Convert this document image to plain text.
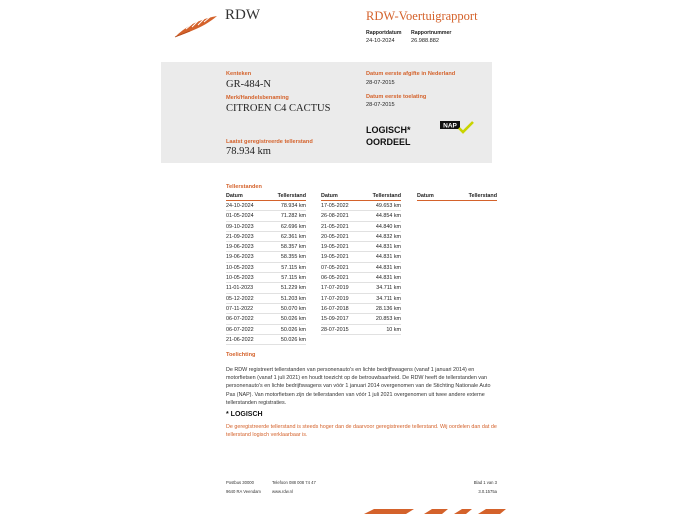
RDW	RDW-Voertuigrapport
Rapportdatum
24-10-2024
Rapportnummer
26.988.882
Kenteken
GR-484-N
Merk/Handelsbenaming
CITROEN C4 CACTUS
Laatst geregistreerde tellerstand
78.934 km
Datum eerste afgifte in Nederland
28-07-2015
Datum eerste toelating
28-07-2015
LOGISCH*
OORDEEL
NAP
Tellerstanden
Datum	Tellerstand
24-10-2024	78.934 km
01-05-2024	71.282 km
09-10-2023	62.696 km
21-09-2023	62.361 km
19-06-2023	58.357 km
19-06-2023	58.355 km
10-05-2023	57.115 km
10-05-2023	57.115 km
11-01-2023	51.229 km
05-12-2022	51.203 km
07-11-2022	50.070 km
06-07-2022	50.026 km
06-07-2022	50.026 km
21-06-2022	50.026 km
Datum	Tellerstand
17-05-2022	49.653 km
26-08-2021	44.854 km
21-05-2021	44.840 km
20-05-2021	44.832 km
19-05-2021	44.831 km
19-05-2021	44.831 km
07-05-2021	44.831 km
06-05-2021	44.831 km
17-07-2019	34.711 km
17-07-2019	34.711 km
16-07-2018	28.136 km
15-09-2017	20.853 km
28-07-2015	10 km
Datum	Tellerstand
Toelichting
De RDW registreert tellerstanden van personenauto's en lichte bedrijfswagens (vanaf 1 januari 2014) en motorfietsen (vanaf 1 juli 2021) en houdt toezicht op de betrouwbaarheid. De RDW heeft de tellerstanden van personenauto's en lichte bedrijfswagens van vóór 1 januari 2014 overgenomen van de Stichting Nationale Auto Pas (NAP). Van motorfietsen zijn de tellerstanden van vóór 1 juli 2021 overgenomen uit twee andere externe tellerstanden registraties.
* LOGISCH
De geregistreerde tellerstand is steeds hoger dan de daarvoor geregistreerde tellerstand. Wij oordelen dan dat de tellerstand logisch verklaarbaar is.
Postbus 30000
9640 RA Veendam
Telefoon 088 008 74 47
www.rdw.nl
Blad 1 van 3
3.0.1575a
